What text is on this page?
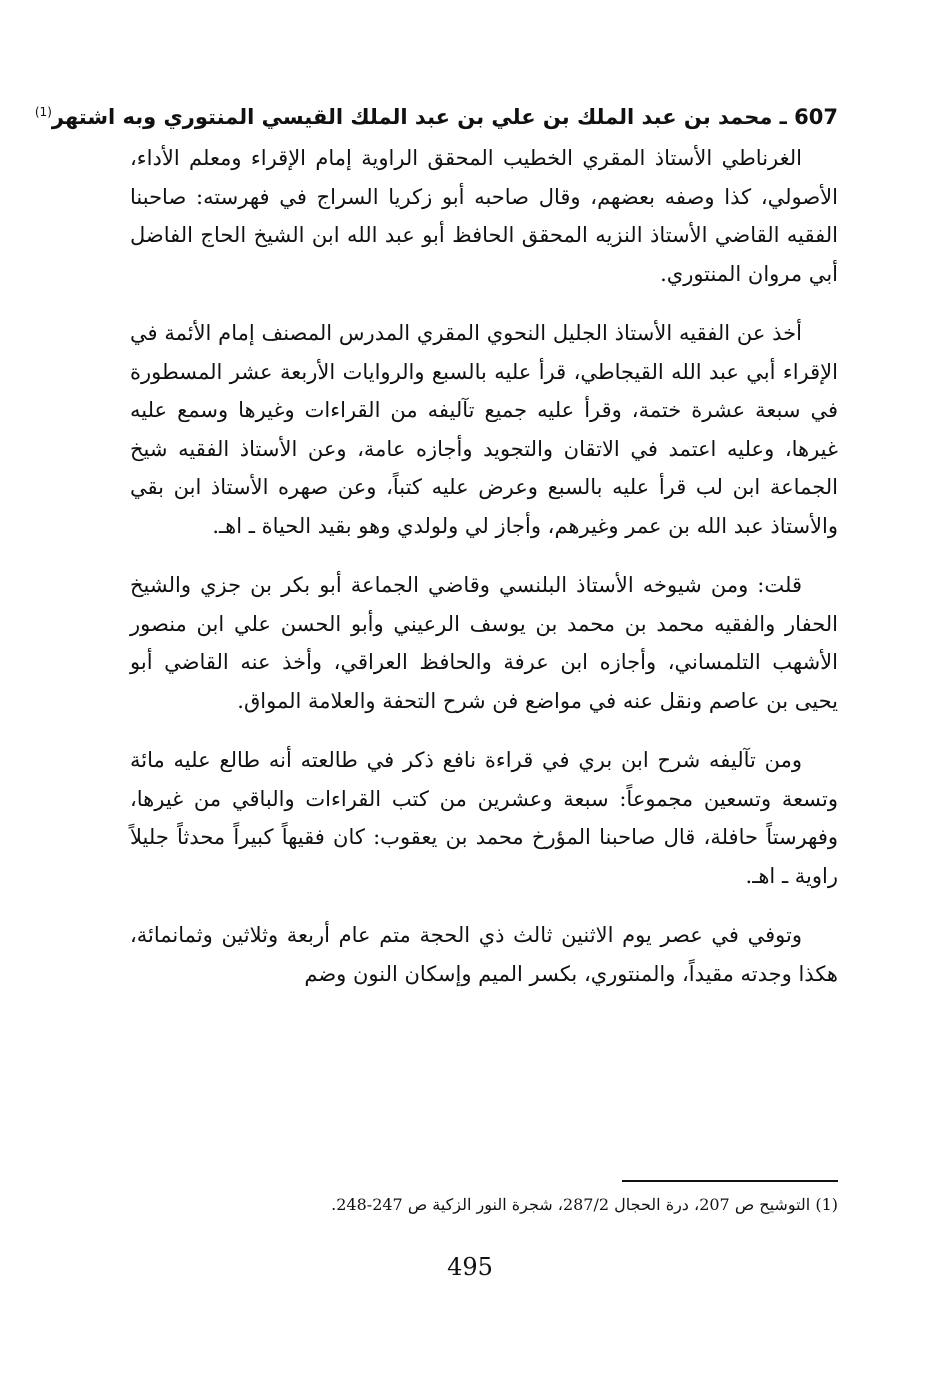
607 ـ محمد بن عبد الملك بن علي بن عبد الملك القيسي المنتوري وبه اشتهر$^{(1)}$

الغرناطي الأستاذ المقري الخطيب المحقق الراوية إمام الإقراء ومعلم الأداء، الأصولي، كذا وصفه بعضهم، وقال صاحبه أبو زكريا السراج في فهرسته: صاحبنا الفقيه القاضي الأستاذ النزيه المحقق الحافظ أبو عبد الله ابن الشيخ الحاج الفاضل أبي مروان المنتوري.

أخذ عن الفقيه الأستاذ الجليل النحوي المقري المدرس المصنف إمام الأئمة في الإقراء أبي عبد الله القيجاطي، قرأ عليه بالسبع والروايات الأربعة عشر المسطورة في سبعة عشرة ختمة، وقرأ عليه جميع تآليفه من القراءات وغيرها وسمع عليه غيرها، وعليه اعتمد في الاتقان والتجويد وأجازه عامة، وعن الأستاذ الفقيه شيخ الجماعة ابن لب قرأ عليه بالسبع وعرض عليه كتباً، وعن صهره الأستاذ ابن بقي والأستاذ عبد الله بن عمر وغيرهم، وأجاز لي ولولدي وهو بقيد الحياة ـ اهـ.

قلت: ومن شيوخه الأستاذ البلنسي وقاضي الجماعة أبو بكر بن جزي والشيخ الحفار والفقيه محمد بن محمد بن يوسف الرعيني وأبو الحسن علي ابن منصور الأشهب التلمساني، وأجازه ابن عرفة والحافظ العراقي، وأخذ عنه القاضي أبو يحيى بن عاصم ونقل عنه في مواضع فن شرح التحفة والعلامة المواق.

ومن تآليفه شرح ابن بري في قراءة نافع ذكر في طالعته أنه طالع عليه مائة وتسعة وتسعين مجموعاً: سبعة وعشرين من كتب القراءات والباقي من غيرها، وفهرستاً حافلة، قال صاحبنا المؤرخ محمد بن يعقوب: كان فقيهاً كبيراً محدثاً جليلاً راوية ـ اهـ.

وتوفي في عصر يوم الاثنين ثالث ذي الحجة متم عام أربعة وثلاثين وثمانمائة، هكذا وجدته مقيداً، والمنتوري، بكسر الميم وإسكان النون وضم

(1) التوشيح ص 207، درة الحجال 287/2، شجرة النور الزكية ص 247-248.
495
